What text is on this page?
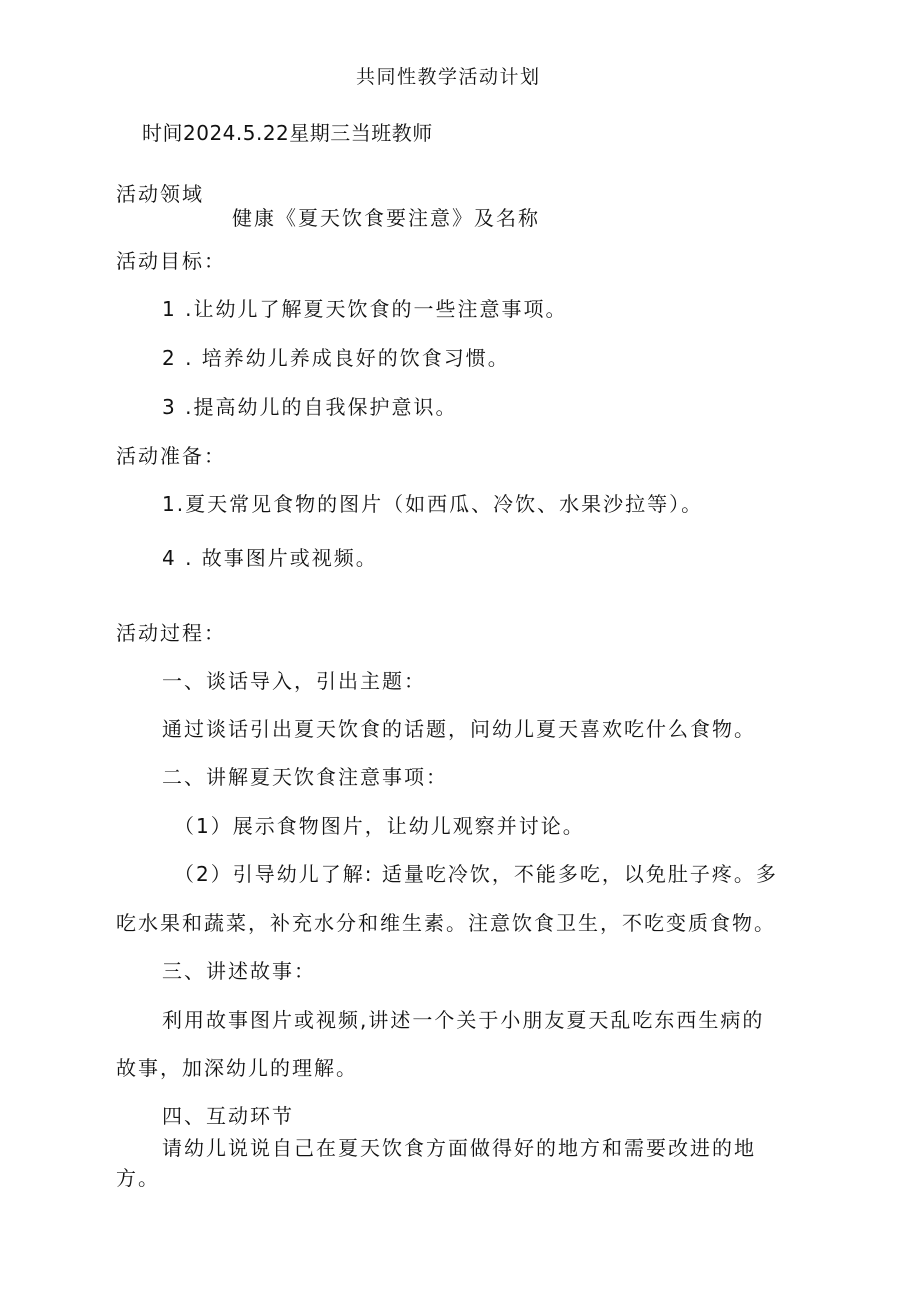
共同性教学活动计划
时间2024.5.22星期三当班教师
活动领域
健康《夏天饮食要注意》及名称
活动目标：
1 .让幼儿了解夏天饮食的一些注意事项。
2 . 培养幼儿养成良好的饮食习惯。
3 .提高幼儿的自我保护意识。
活动准备：
1.夏天常见食物的图片（如西瓜、冷饮、水果沙拉等）。
4 . 故事图片或视频。
活动过程：
一、谈话导入，引出主题：
通过谈话引出夏天饮食的话题，问幼儿夏天喜欢吃什么食物。
二、讲解夏天饮食注意事项：
（1）展示食物图片，让幼儿观察并讨论。
（2）引导幼儿了解: 适量吃冷饮，不能多吃，以免肚子疼。多
吃水果和蔬菜，补充水分和维生素。注意饮食卫生，不吃变质食物。
三、讲述故事：
利用故事图片或视频,讲述一个关于小朋友夏天乱吃东西生病的
故事，加深幼儿的理解。
四、互动环节
请幼儿说说自己在夏天饮食方面做得好的地方和需要改进的地
方。
